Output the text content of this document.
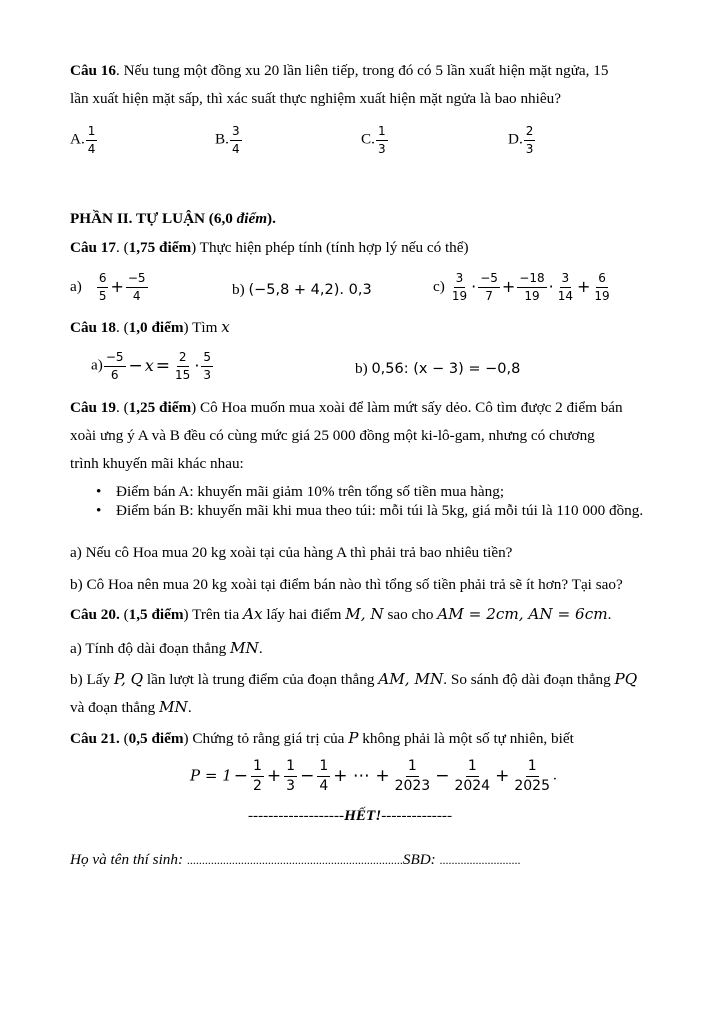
Câu 16. Nếu tung một đồng xu 20 lần liên tiếp, trong đó có 5 lần xuất hiện mặt ngửa, 15
lần xuất hiện mặt sấp, thì xác suất thực nghiệm xuất hiện mặt ngửa là bao nhiêu?
A. $\frac{1}{4}$	B. $\frac{3}{4}$	C. $\frac{1}{3}$	D. $\frac{2}{3}$
PHẦN II. TỰ LUẬN (6,0 điểm).
Câu 17. (1,75 điểm) Thực hiện phép tính (tính hợp lý nếu có thể)
$a) \frac{6}{5} + \frac{-5}{4}$	b) (−5,8 + 4,2). 0,3	$c) \frac{3}{19} \cdot \frac{-5}{7} + \frac{-18}{19} \cdot \frac{3}{14} + \frac{6}{19}$
Câu 18. (1,0 điểm) Tìm x
$a) \frac{-5}{6} - x = \frac{2}{15} \cdot \frac{5}{3}$	b) 0,56: (x − 3) = −0,8
Câu 19. (1,25 điểm) Cô Hoa muốn mua xoài để làm mứt sấy dẻo. Cô tìm được 2 điểm bán
xoài ưng ý A và B đều có cùng mức giá 25 000 đồng một ki-lô-gam, nhưng có chương
trình khuyến mãi khác nhau:
• Điểm bán A: khuyến mãi giảm 10% trên tổng số tiền mua hàng;
• Điểm bán B: khuyến mãi khi mua theo túi: mỗi túi là 5kg, giá mỗi túi là 110 000 đồng.
a) Nếu cô Hoa mua 20 kg xoài tại của hàng A thì phải trả bao nhiêu tiền?
b) Cô Hoa nên mua 20 kg xoài tại điểm bán nào thì tổng số tiền phải trả sẽ ít hơn? Tại sao?
Câu 20. (1,5 điểm) Trên tia Ax lấy hai điểm M, N sao cho AM = 2cm, AN = 6cm.
a) Tính độ dài đoạn thẳng MN.
b) Lấy P, Q lần lượt là trung điểm của đoạn thẳng AM, MN. So sánh độ dài đoạn thẳng PQ
và đoạn thẳng MN.
Câu 21. (0,5 điểm) Chứng tỏ rằng giá trị của P không phải là một số tự nhiên, biết
$P = 1 - \frac{1}{2} + \frac{1}{3} - \frac{1}{4}$ + ⋯ + $\frac{1}{2023} - \frac{1}{2024} + \frac{1}{2025}$ .
-------------------HẾT!--------------
Họ và tên thí sinh: ........................................................................SBD: ...........................
